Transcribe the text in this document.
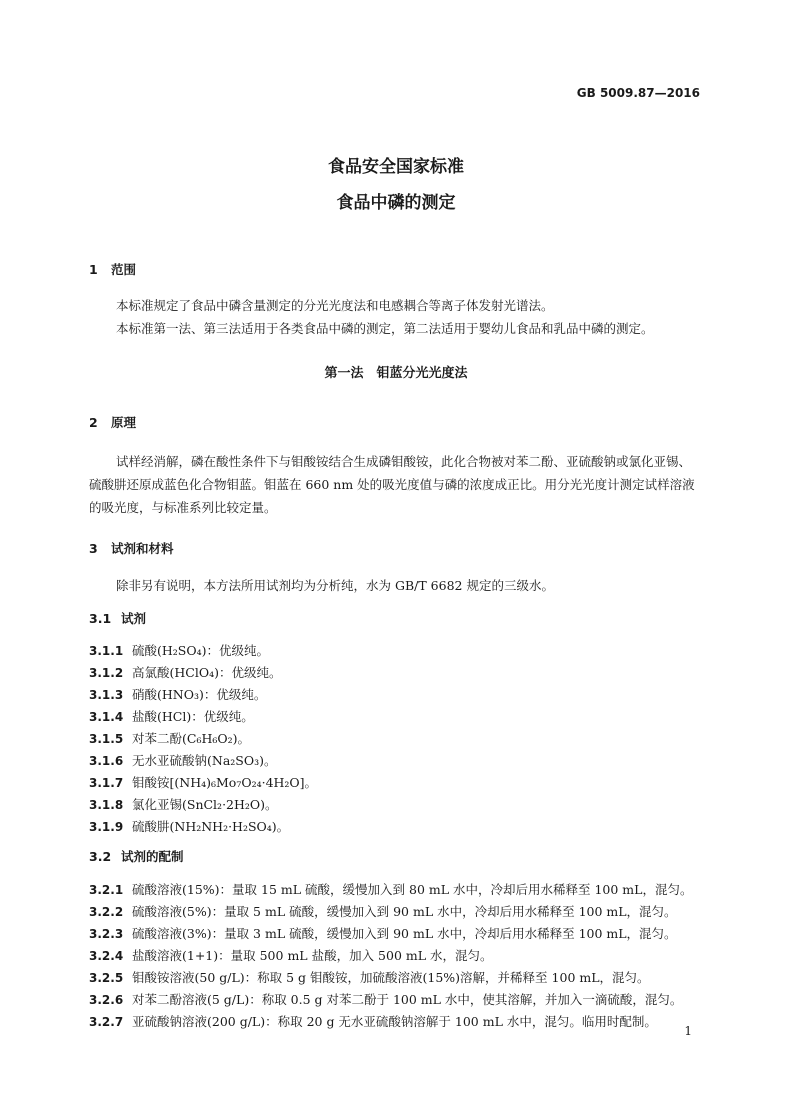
GB 5009.87—2016
食品安全国家标准
食品中磷的测定
1 范围
本标准规定了食品中磷含量测定的分光光度法和电感耦合等离子体发射光谱法。
本标准第一法、第三法适用于各类食品中磷的测定，第二法适用于婴幼儿食品和乳品中磷的测定。
第一法　钼蓝分光光度法
2 原理
试样经消解，磷在酸性条件下与钼酸铵结合生成磷钼酸铵，此化合物被对苯二酚、亚硫酸钠或氯化亚锡、硫酸肼还原成蓝色化合物钼蓝。钼蓝在 660 nm 处的吸光度值与磷的浓度成正比。用分光光度计测定试样溶液的吸光度，与标准系列比较定量。
3 试剂和材料
除非另有说明，本方法所用试剂均为分析纯，水为 GB/T 6682 规定的三级水。
3.1 试剂
3.1.1 硫酸(H₂SO₄)：优级纯。
3.1.2 高氯酸(HClO₄)：优级纯。
3.1.3 硝酸(HNO₃)：优级纯。
3.1.4 盐酸(HCl)：优级纯。
3.1.5 对苯二酚(C₆H₆O₂)。
3.1.6 无水亚硫酸钠(Na₂SO₃)。
3.1.7 钼酸铵[(NH₄)₆Mo₇O₂₄·4H₂O]。
3.1.8 氯化亚锡(SnCl₂·2H₂O)。
3.1.9 硫酸肼(NH₂NH₂·H₂SO₄)。
3.2 试剂的配制
3.2.1 硫酸溶液(15%)：量取 15 mL 硫酸，缓慢加入到 80 mL 水中，冷却后用水稀释至 100 mL，混匀。
3.2.2 硫酸溶液(5%)：量取 5 mL 硫酸，缓慢加入到 90 mL 水中，冷却后用水稀释至 100 mL，混匀。
3.2.3 硫酸溶液(3%)：量取 3 mL 硫酸，缓慢加入到 90 mL 水中，冷却后用水稀释至 100 mL，混匀。
3.2.4 盐酸溶液(1+1)：量取 500 mL 盐酸，加入 500 mL 水，混匀。
3.2.5 钼酸铵溶液(50 g/L)：称取 5 g 钼酸铵，加硫酸溶液(15%)溶解，并稀释至 100 mL，混匀。
3.2.6 对苯二酚溶液(5 g/L)：称取 0.5 g 对苯二酚于 100 mL 水中，使其溶解，并加入一滴硫酸，混匀。
3.2.7 亚硫酸钠溶液(200 g/L)：称取 20 g 无水亚硫酸钠溶解于 100 mL 水中，混匀。临用时配制。
1
